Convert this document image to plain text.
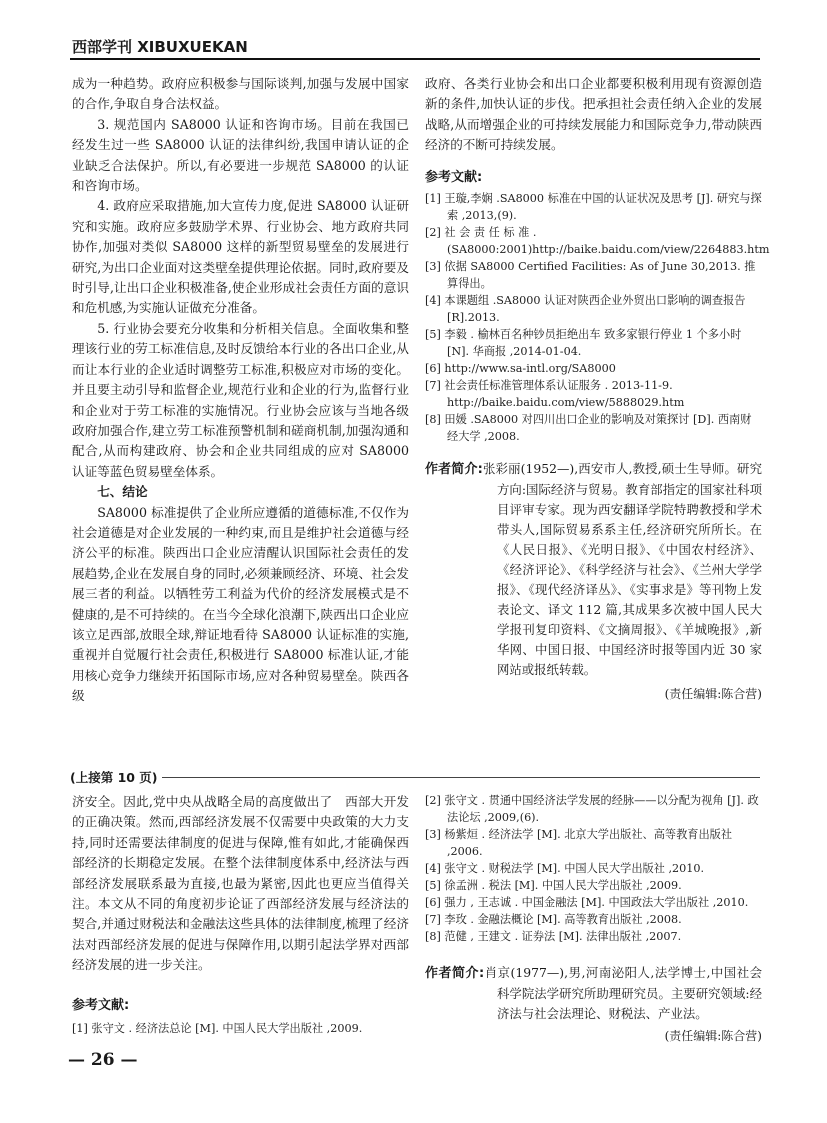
西部学刊 XIBUXUEKAN

成为一种趋势。政府应积极参与国际谈判,加强与发展中国家的合作,争取自身合法权益。

3. 规范国内 SA8000 认证和咨询市场。目前在我国已经发生过一些 SA8000 认证的法律纠纷,我国申请认证的企业缺乏合法保护。所以,有必要进一步规范 SA8000 的认证和咨询市场。

4. 政府应采取措施,加大宣传力度,促进 SA8000 认证研究和实施。政府应多鼓励学术界、行业协会、地方政府共同协作,加强对类似 SA8000 这样的新型贸易壁垒的发展进行研究,为出口企业面对这类壁垒提供理论依据。同时,政府要及时引导,让出口企业积极准备,使企业形成社会责任方面的意识和危机感,为实施认证做充分准备。

5. 行业协会要充分收集和分析相关信息。全面收集和整理该行业的劳工标准信息,及时反馈给本行业的各出口企业,从而让本行业的企业适时调整劳工标准,积极应对市场的变化。并且要主动引导和监督企业,规范行业和企业的行为,监督行业和企业对于劳工标准的实施情况。行业协会应该与当地各级政府加强合作,建立劳工标准预警机制和磋商机制,加强沟通和配合,从而构建政府、协会和企业共同组成的应对 SA8000 认证等蓝色贸易壁垒体系。

七、结论

SA8000 标准提供了企业所应遵循的道德标准,不仅作为社会道德是对企业发展的一种约束,而且是维护社会道德与经济公平的标准。陕西出口企业应清醒认识国际社会责任的发展趋势,企业在发展自身的同时,必须兼顾经济、环境、社会发展三者的利益。以牺牲劳工利益为代价的经济发展模式是不健康的,是不可持续的。在当今全球化浪潮下,陕西出口企业应该立足西部,放眼全球,辩证地看待 SA8000 认证标准的实施,重视并自觉履行社会责任,积极进行 SA8000 标准认证,才能用核心竞争力继续开拓国际市场,应对各种贸易壁垒。陕西各级

政府、各类行业协会和出口企业都要积极利用现有资源创造新的条件,加快认证的步伐。把承担社会责任纳入企业的发展战略,从而增强企业的可持续发展能力和国际竞争力,带动陕西经济的不断可持续发展。

参考文献:

[1] 王璇,李娴 .SA8000 标准在中国的认证状况及思考 [J]. 研究与探索 ,2013,(9).
[2] 社 会 责 任 标 准 .(SA8000:2001)http://baike.baidu.com/view/2264883.htm
[3] 依据 SA8000 Certified Facilities: As of June 30,2013. 推算得出。
[4] 本课题组 .SA8000 认证对陕西企业外贸出口影响的调查报告 [R].2013.
[5] 李毅 . 榆林百名种钞员拒绝出车 致多家银行停业 1 个多小时 [N]. 华商报 ,2014-01-04.
[6] http://www.sa-intl.org/SA8000
[7] 社会责任标准管理体系认证服务 . 2013-11-9. http://baike.baidu.com/view/5888029.htm
[8] 田媛 .SA8000 对四川出口企业的影响及对策探讨 [D]. 西南财经大学 ,2008.
作者简介:张彩丽(1952—),西安市人,教授,硕士生导师。研究方向:国际经济与贸易。教育部指定的国家社科项目评审专家。现为西安翻译学院特聘教授和学术带头人,国际贸易系系主任,经济研究所所长。在《人民日报》、《光明日报》、《中国农村经济》、《经济评论》、《科学经济与社会》、《兰州大学学报》、《现代经济译丛》、《实事求是》等刊物上发表论文、译文 112 篇,其成果多次被中国人民大学报刊复印资料、《文摘周报》、《羊城晚报》,新华网、中国日报、中国经济时报等国内近 30 家网站或报纸转载。
(责任编辑:陈合营)
(上接第 10 页)

济安全。因此,党中央从战略全局的高度做出了　西部大开发　的正确决策。然而,西部经济发展不仅需要中央政策的大力支持,同时还需要法律制度的促进与保障,惟有如此,才能确保西部经济的长期稳定发展。在整个法律制度体系中,经济法与西部经济发展联系最为直接,也最为紧密,因此也更应当值得关注。本文从不同的角度初步论证了西部经济发展与经济法的契合,并通过财税法和金融法这些具体的法律制度,梳理了经济法对西部经济发展的促进与保障作用,以期引起法学界对西部经济发展的进一步关注。

参考文献:

[1] 张守文 . 经济法总论 [M]. 中国人民大学出版社 ,2009.
[2] 张守文 . 贯通中国经济法学发展的经脉——以分配为视角 [J]. 政法论坛 ,2009,(6).
[3] 杨紫烜 . 经济法学 [M]. 北京大学出版社、高等教育出版社 ,2006.
[4] 张守文 . 财税法学 [M]. 中国人民大学出版社 ,2010.
[5] 徐孟洲 . 税法 [M]. 中国人民大学出版社 ,2009.
[6] 强力 , 王志诚 . 中国金融法 [M]. 中国政法大学出版社 ,2010.
[7] 李玫 . 金融法概论 [M]. 高等教育出版社 ,2008.
[8] 范健 , 王建文 . 证券法 [M]. 法律出版社 ,2007.
作者简介:肖京(1977—),男,河南泌阳人,法学博士,中国社会科学院法学研究所助理研究员。主要研究领域:经济法与社会法理论、财税法、产业法。
(责任编辑:陈合营)
— 26 —
